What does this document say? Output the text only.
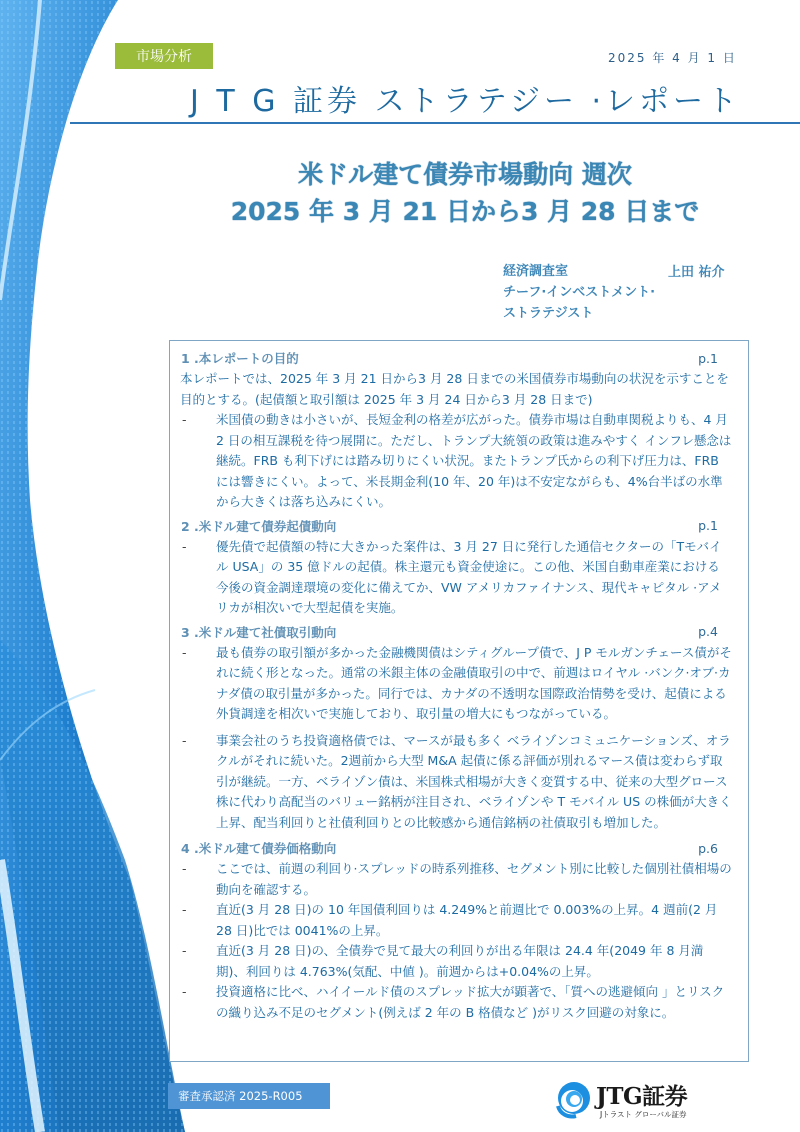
市場分析	2025 年 4 月 1 日
J T G 証券 ストラテジー ·レポート
米ドル建て債券市場動向 週次
2025 年 3 月 21 日から3 月 28 日まで
経済調査室
チーフ·インベストメント·
ストラテジスト
上田 祐介
1 .本レポートの目的	p.1
本レポートでは、2025 年 3 月 21 日から3 月 28 日までの米国債券市場動向の状況を示すことを目的とする。(起債額と取引額は 2025 年 3 月 24 日から3 月 28 日まで)
-	米国債の動きは小さいが、長短金利の格差が広がった。債券市場は自動車関税よりも、4 月 2 日の相互課税を待つ展開に。ただし、トランプ大統領の政策は進みやすく インフレ懸念は継続。FRB も利下げには踏み切りにくい状況。またトランプ氏からの利下げ圧力は、FRB には響きにくい。よって、米長期金利(10 年、20 年)は不安定ながらも、4%台半ばの水準から大きくは落ち込みにくい。
2 .米ドル建て債券起債動向	p.1
-	優先債で起債額の特に大きかった案件は、3 月 27 日に発行した通信セクターの「Tモバイル USA」の 35 億ドルの起債。株主還元も資金使途に。この他、米国自動車産業における今後の資金調達環境の変化に備えてか、VW アメリカファイナンス、現代キャピタル ·アメリカが相次いで大型起債を実施。
3 .米ドル建て社債取引動向	p.4
-	最も債券の取引額が多かった金融機関債はシティグループ債で、J P モルガンチェース債がそれに続く形となった。通常の米銀主体の金融債取引の中で、前週はロイヤル ·バンク·オブ·カナダ債の取引量が多かった。同行では、カナダの不透明な国際政治情勢を受け、起債による外貨調達を相次いで実施しており、取引量の増大にもつながっている。
-	事業会社のうち投資適格債では、マースが最も多く ベライゾンコミュニケーションズ、オラクルがそれに続いた。2週前から大型 M&A 起債に係る評価が別れるマース債は変わらず取引が継続。一方、ベライゾン債は、米国株式相場が大きく変質する中、従来の大型グロース株に代わり高配当のバリュー銘柄が注目され、ベライゾンや T モバイル US の株価が大きく上昇、配当利回りと社債利回りとの比較感から通信銘柄の社債取引も増加した。
4 .米ドル建て債券価格動向	p.6
-	ここでは、前週の利回り·スプレッドの時系列推移、セグメント別に比較した個別社債相場の動向を確認する。
-	直近(3 月 28 日)の 10 年国債利回りは 4.249%と前週比で 0.003%の上昇。4 週前(2 月 28 日)比では 0041%の上昇。
-	直近(3 月 28 日)の、全債券で見て最大の利回りが出る年限は 24.4 年(2049 年 8 月満期)、利回りは 4.763%(気配、中値 )。前週からは+0.04%の上昇。
-	投資適格に比べ、ハイイールド債のスプレッド拡大が顕著で、「質への逃避傾向 」とリスクの織り込み不足のセグメント(例えば 2 年の B 格債など )がリスク回避の対象に。
審査承認済 2025-R005	JTG証券
Jトラスト グローバル証券
